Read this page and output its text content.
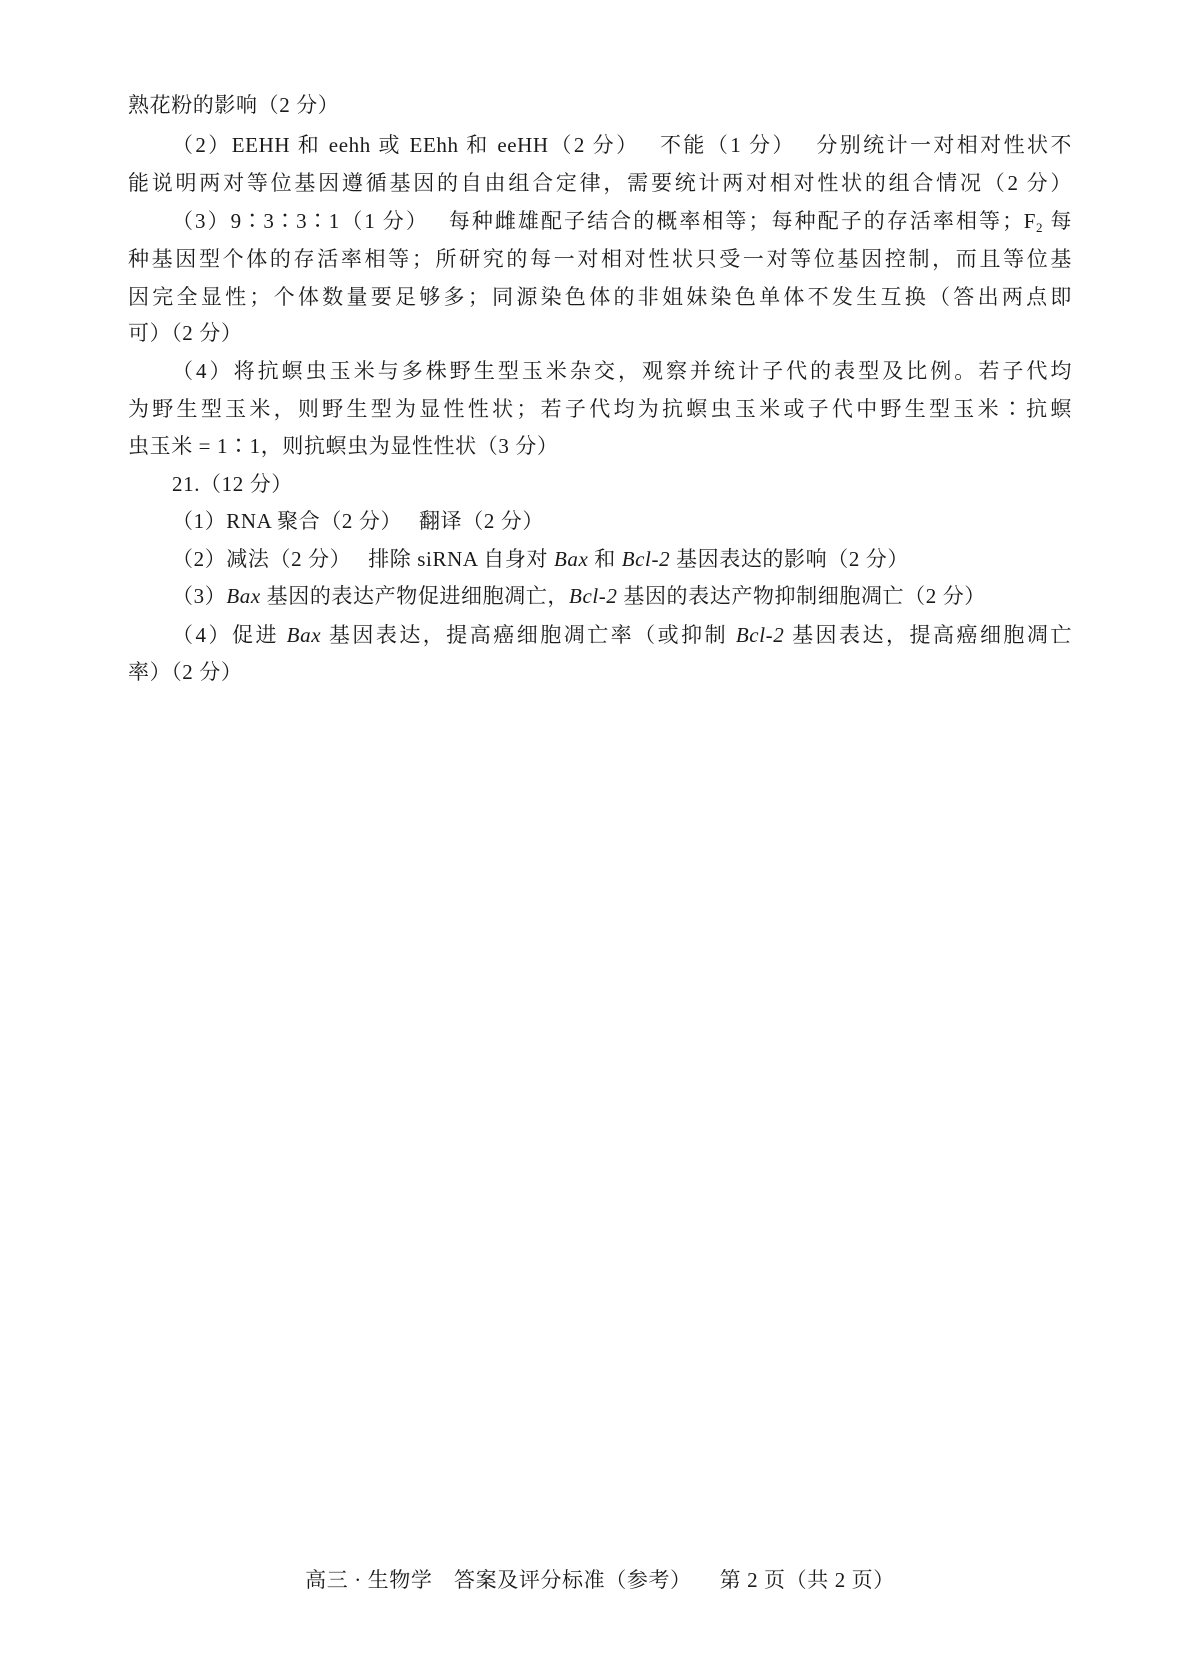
熟花粉的影响（2 分）
（2）EEHH 和 eehh 或 EEhh 和 eeHH（2 分）　 不能（1 分）　 分别统计一对相对性状不
能说明两对等位基因遵循基因的自由组合定律，需要统计两对相对性状的组合情况（2 分）
（3）9∶3∶3∶1（1 分）　 每种雌雄配子结合的概率相等；每种配子的存活率相等；$F_2$ 每
种基因型个体的存活率相等；所研究的每一对相对性状只受一对等位基因控制，而且等位基
因完全显性；个体数量要足够多；同源染色体的非姐妹染色单体不发生互换（答出两点即
可）（2 分）
（4）将抗螟虫玉米与多株野生型玉米杂交，观察并统计子代的表型及比例。若子代均
为野生型玉米，则野生型为显性性状；若子代均为抗螟虫玉米或子代中野生型玉米∶抗螟
虫玉米 = 1∶1，则抗螟虫为显性性状（3 分）
21.（12 分）
（1）RNA 聚合（2 分）　 翻译（2 分）
（2）减法（2 分）　 排除 siRNA 自身对 Bax 和 Bcl-2 基因表达的影响（2 分）
（3）Bax 基因的表达产物促进细胞凋亡，Bcl-2 基因的表达产物抑制细胞凋亡（2 分）
（4）促进 Bax 基因表达，提高癌细胞凋亡率（或抑制 Bcl-2 基因表达，提高癌细胞凋亡
率）（2 分）
高三 · 生物学　答案及评分标准（参考） 第 2 页（共 2 页）
